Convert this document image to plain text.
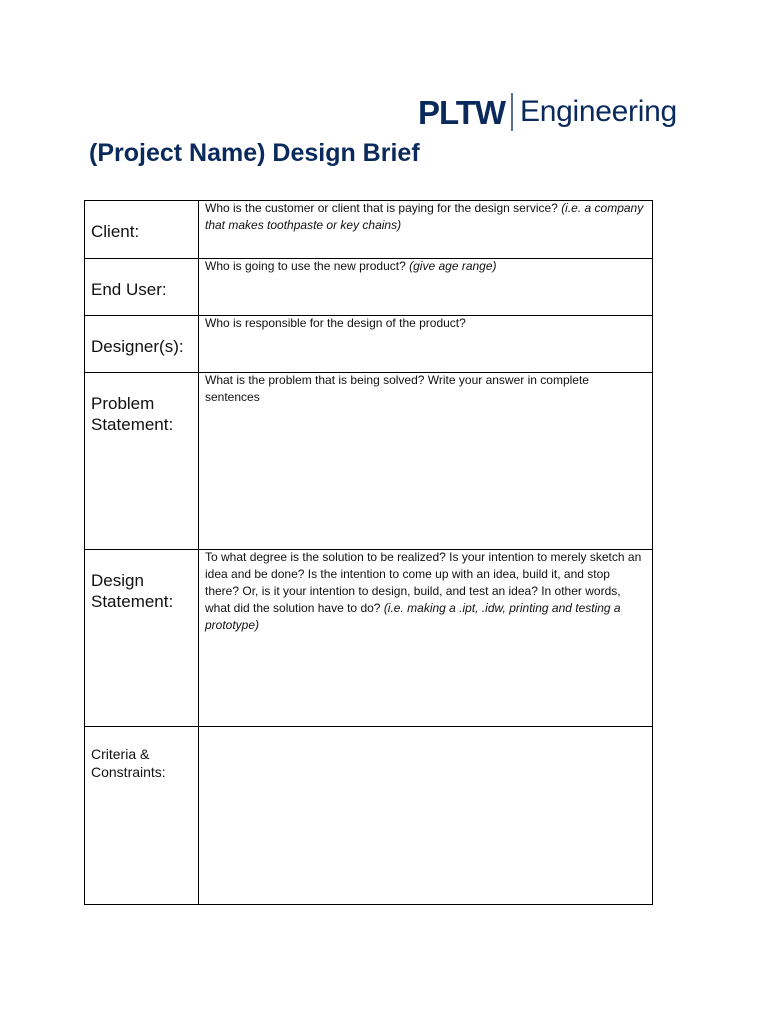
PLTW Engineering
(Project Name) Design Brief
Client:	Who is the customer or client that is paying for the design service? (i.e. a company that makes toothpaste or key chains)

End User:	Who is going to use the new product? (give age range)

Designer(s):	Who is responsible for the design of the product?

Problem
Statement:	What is the problem that is being solved? Write your answer in complete sentences

Design
Statement:	To what degree is the solution to be realized? Is your intention to merely sketch an idea and be done? Is the intention to come up with an idea, build it, and stop there? Or, is it your intention to design, build, and test an idea? In other words, what did the solution have to do? (i.e. making a .ipt, .idw, printing and testing a prototype)

Criteria &
Constraints:	
